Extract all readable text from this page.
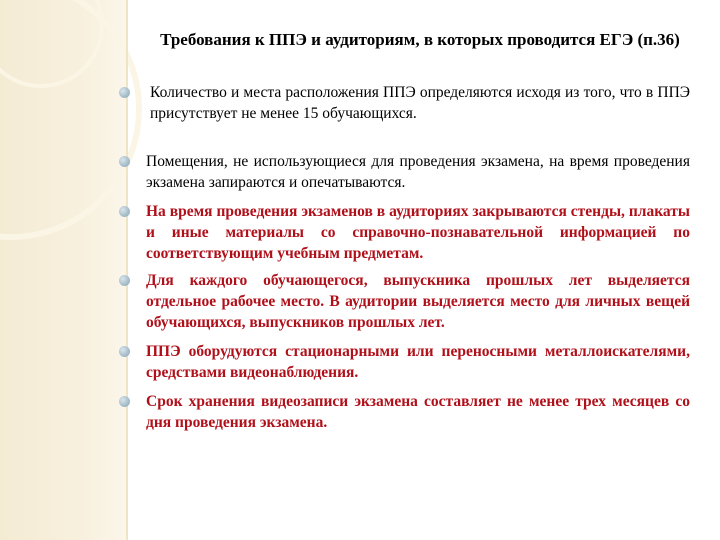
Требования к ППЭ и аудиториям, в которых проводится ЕГЭ (п.36)
Количество и места расположения ППЭ определяются исходя из того, что в ППЭ присутствует не менее 15 обучающихся.
Помещения, не использующиеся для проведения экзамена, на время проведения экзамена запираются и опечатываются.
На время проведения экзаменов в аудиториях закрываются стенды, плакаты и иные материалы со справочно-познавательной информацией по соответствующим учебным предметам.
Для каждого обучающегося, выпускника прошлых лет выделяется отдельное рабочее место. В аудитории выделяется место для личных вещей обучающихся, выпускников прошлых лет.
ППЭ оборудуются стационарными или переносными металлоискателями, средствами видеонаблюдения.
Срок хранения видеозаписи экзамена составляет не менее трех месяцев со дня проведения экзамена.
